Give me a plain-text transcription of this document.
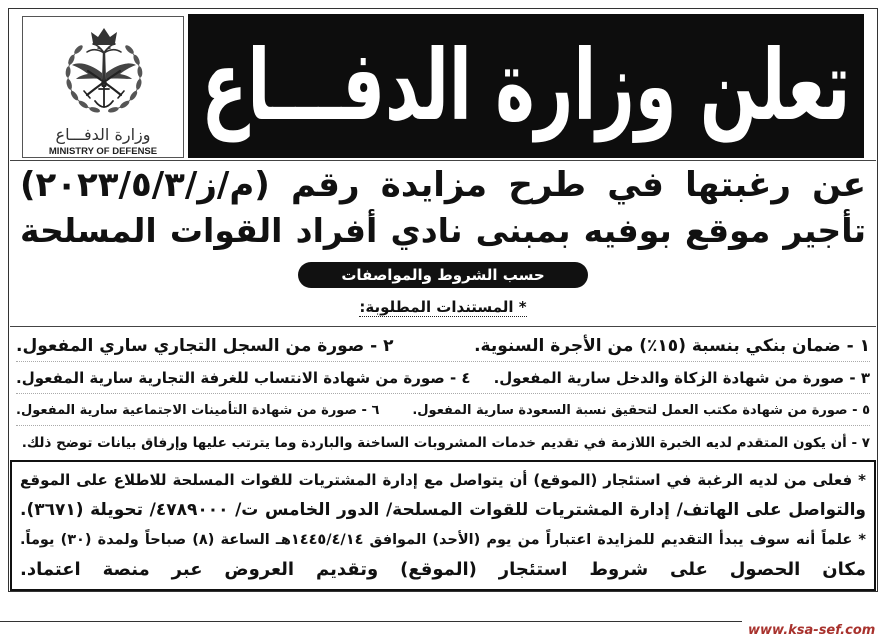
وزارة الدفـــاع
MINISTRY OF DEFENSE
تعلن وزارة الدفـــاع
عن رغبتها في طرح مزايدة رقم (م/ز/٢٠٢٣/٥/٣)
تأجير موقع بوفيه بمبنى نادي أفراد القوات المسلحة
حسب الشروط والمواصفات
* المستندات المطلوبة:
١ - ضمان بنكي بنسبة (١٥٪) من الأجرة السنوية.
٢ - صورة من السجل التجاري ساري المفعول.
٣ - صورة من شهادة الزكاة والدخل سارية المفعول.
٤ - صورة من شهادة الانتساب للغرفة التجارية سارية المفعول.
٥ - صورة من شهادة مكتب العمل لتحقيق نسبة السعودة سارية المفعول.
٦ - صورة من شهادة التأمينات الاجتماعية سارية المفعول.
٧ - أن يكون المتقدم لديه الخبرة اللازمة في تقديم خدمات المشروبات الساخنة والباردة وما يترتب عليها وإرفاق بيانات توضح ذلك.
* فعلى من لديه الرغبة في استئجار (الموقع) أن يتواصل مع إدارة المشتريات للقوات المسلحة للاطلاع على الموقع
والتواصل على الهاتف/ إدارة المشتريات للقوات المسلحة/ الدور الخامس ت/ ٤٧٨٩٠٠٠/ تحويلة (٣٦٧١).
* علماً أنه سوف يبدأ التقديم للمزايدة اعتباراً من يوم (الأحد) الموافق ١٤٤٥/٤/١٤هـ الساعة (٨) صباحاً ولمدة (٣٠) يوماً.
مكان الحصول على شروط استئجار (الموقع) وتقديم العروض عبر منصة اعتماد.
www.ksa-sef.com
